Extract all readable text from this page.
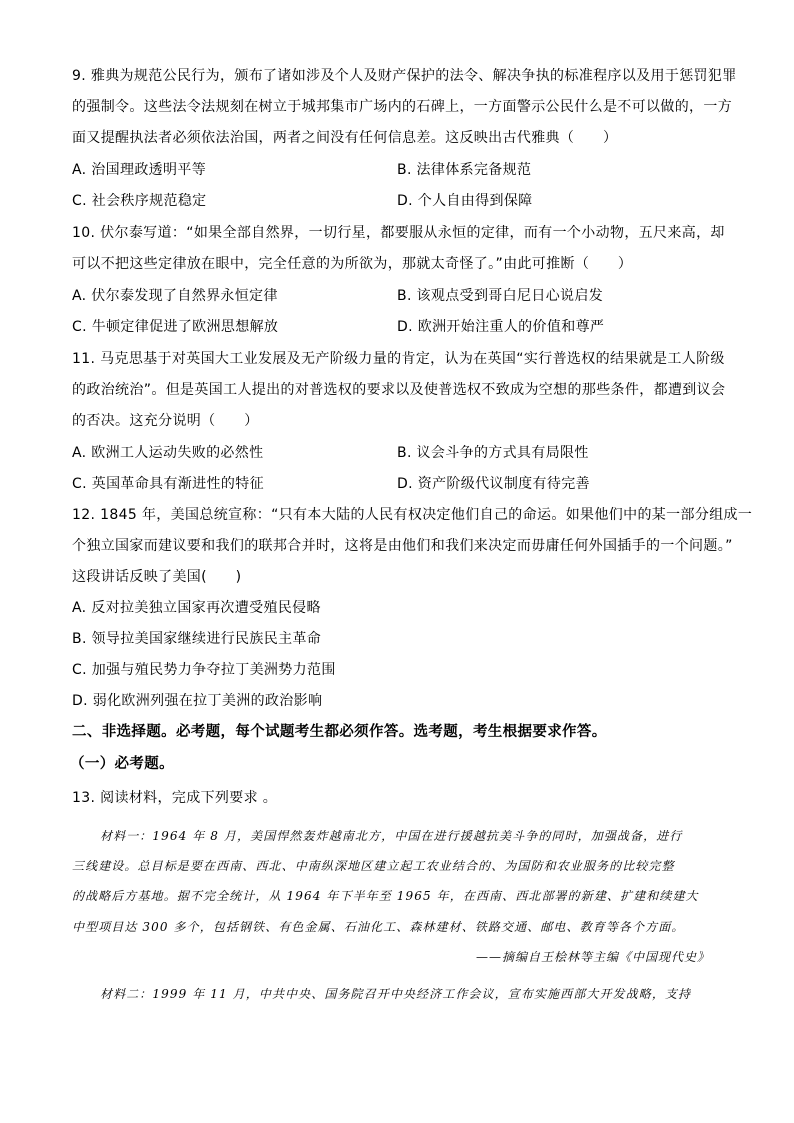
9. 雅典为规范公民行为，颁布了诸如涉及个人及财产保护的法令、解决争执的标准程序以及用于惩罚犯罪
的强制令。这些法令法规刻在树立于城邦集市广场内的石碑上，一方面警示公民什么是不可以做的，一方
面又提醒执法者必须依法治国，两者之间没有任何信息差。这反映出古代雅典（　　）
A. 治国理政透明平等	B. 法律体系完备规范
C. 社会秩序规范稳定	D. 个人自由得到保障
10. 伏尔泰写道：“如果全部自然界，一切行星，都要服从永恒的定律，而有一个小动物，五尺来高，却
可以不把这些定律放在眼中，完全任意的为所欲为，那就太奇怪了。”由此可推断（　　）
A. 伏尔泰发现了自然界永恒定律	B. 该观点受到哥白尼日心说启发
C. 牛顿定律促进了欧洲思想解放	D. 欧洲开始注重人的价值和尊严
11. 马克思基于对英国大工业发展及无产阶级力量的肯定，认为在英国“实行普选权的结果就是工人阶级
的政治统治”。但是英国工人提出的对普选权的要求以及使普选权不致成为空想的那些条件，都遭到议会
的否决。这充分说明（　　）
A. 欧洲工人运动失败的必然性	B. 议会斗争的方式具有局限性
C. 英国革命具有渐进性的特征	D. 资产阶级代议制度有待完善
12. 1845 年，美国总统宣称：“只有本大陆的人民有权决定他们自己的命运。如果他们中的某一部分组成一
个独立国家而建议要和我们的联邦合并时，这将是由他们和我们来决定而毋庸任何外国插手的一个问题。”
这段讲话反映了美国(　　)
A. 反对拉美独立国家再次遭受殖民侵略
B. 领导拉美国家继续进行民族民主革命
C. 加强与殖民势力争夺拉丁美洲势力范围
D. 弱化欧洲列强在拉丁美洲的政治影响
二、非选择题。必考题，每个试题考生都必须作答。选考题，考生根据要求作答。
（一）必考题。
13. 阅读材料，完成下列要求 。
材料一：1964 年 8 月，美国悍然轰炸越南北方，中国在进行援越抗美斗争的同时，加强战备，进行
三线建设。总目标是要在西南、西北、中南纵深地区建立起工农业结合的、为国防和农业服务的比较完整
的战略后方基地。据不完全统计，从 1964 年下半年至 1965 年，在西南、西北部署的新建、扩建和续建大
中型项目达 300 多个，包括钢铁、有色金属、石油化工、森林建材、铁路交通、邮电、教育等各个方面。
——摘编自王桧林等主编《中国现代史》
材料二：1999 年 11 月，中共中央、国务院召开中央经济工作会议，宣布实施西部大开发战略，支持
